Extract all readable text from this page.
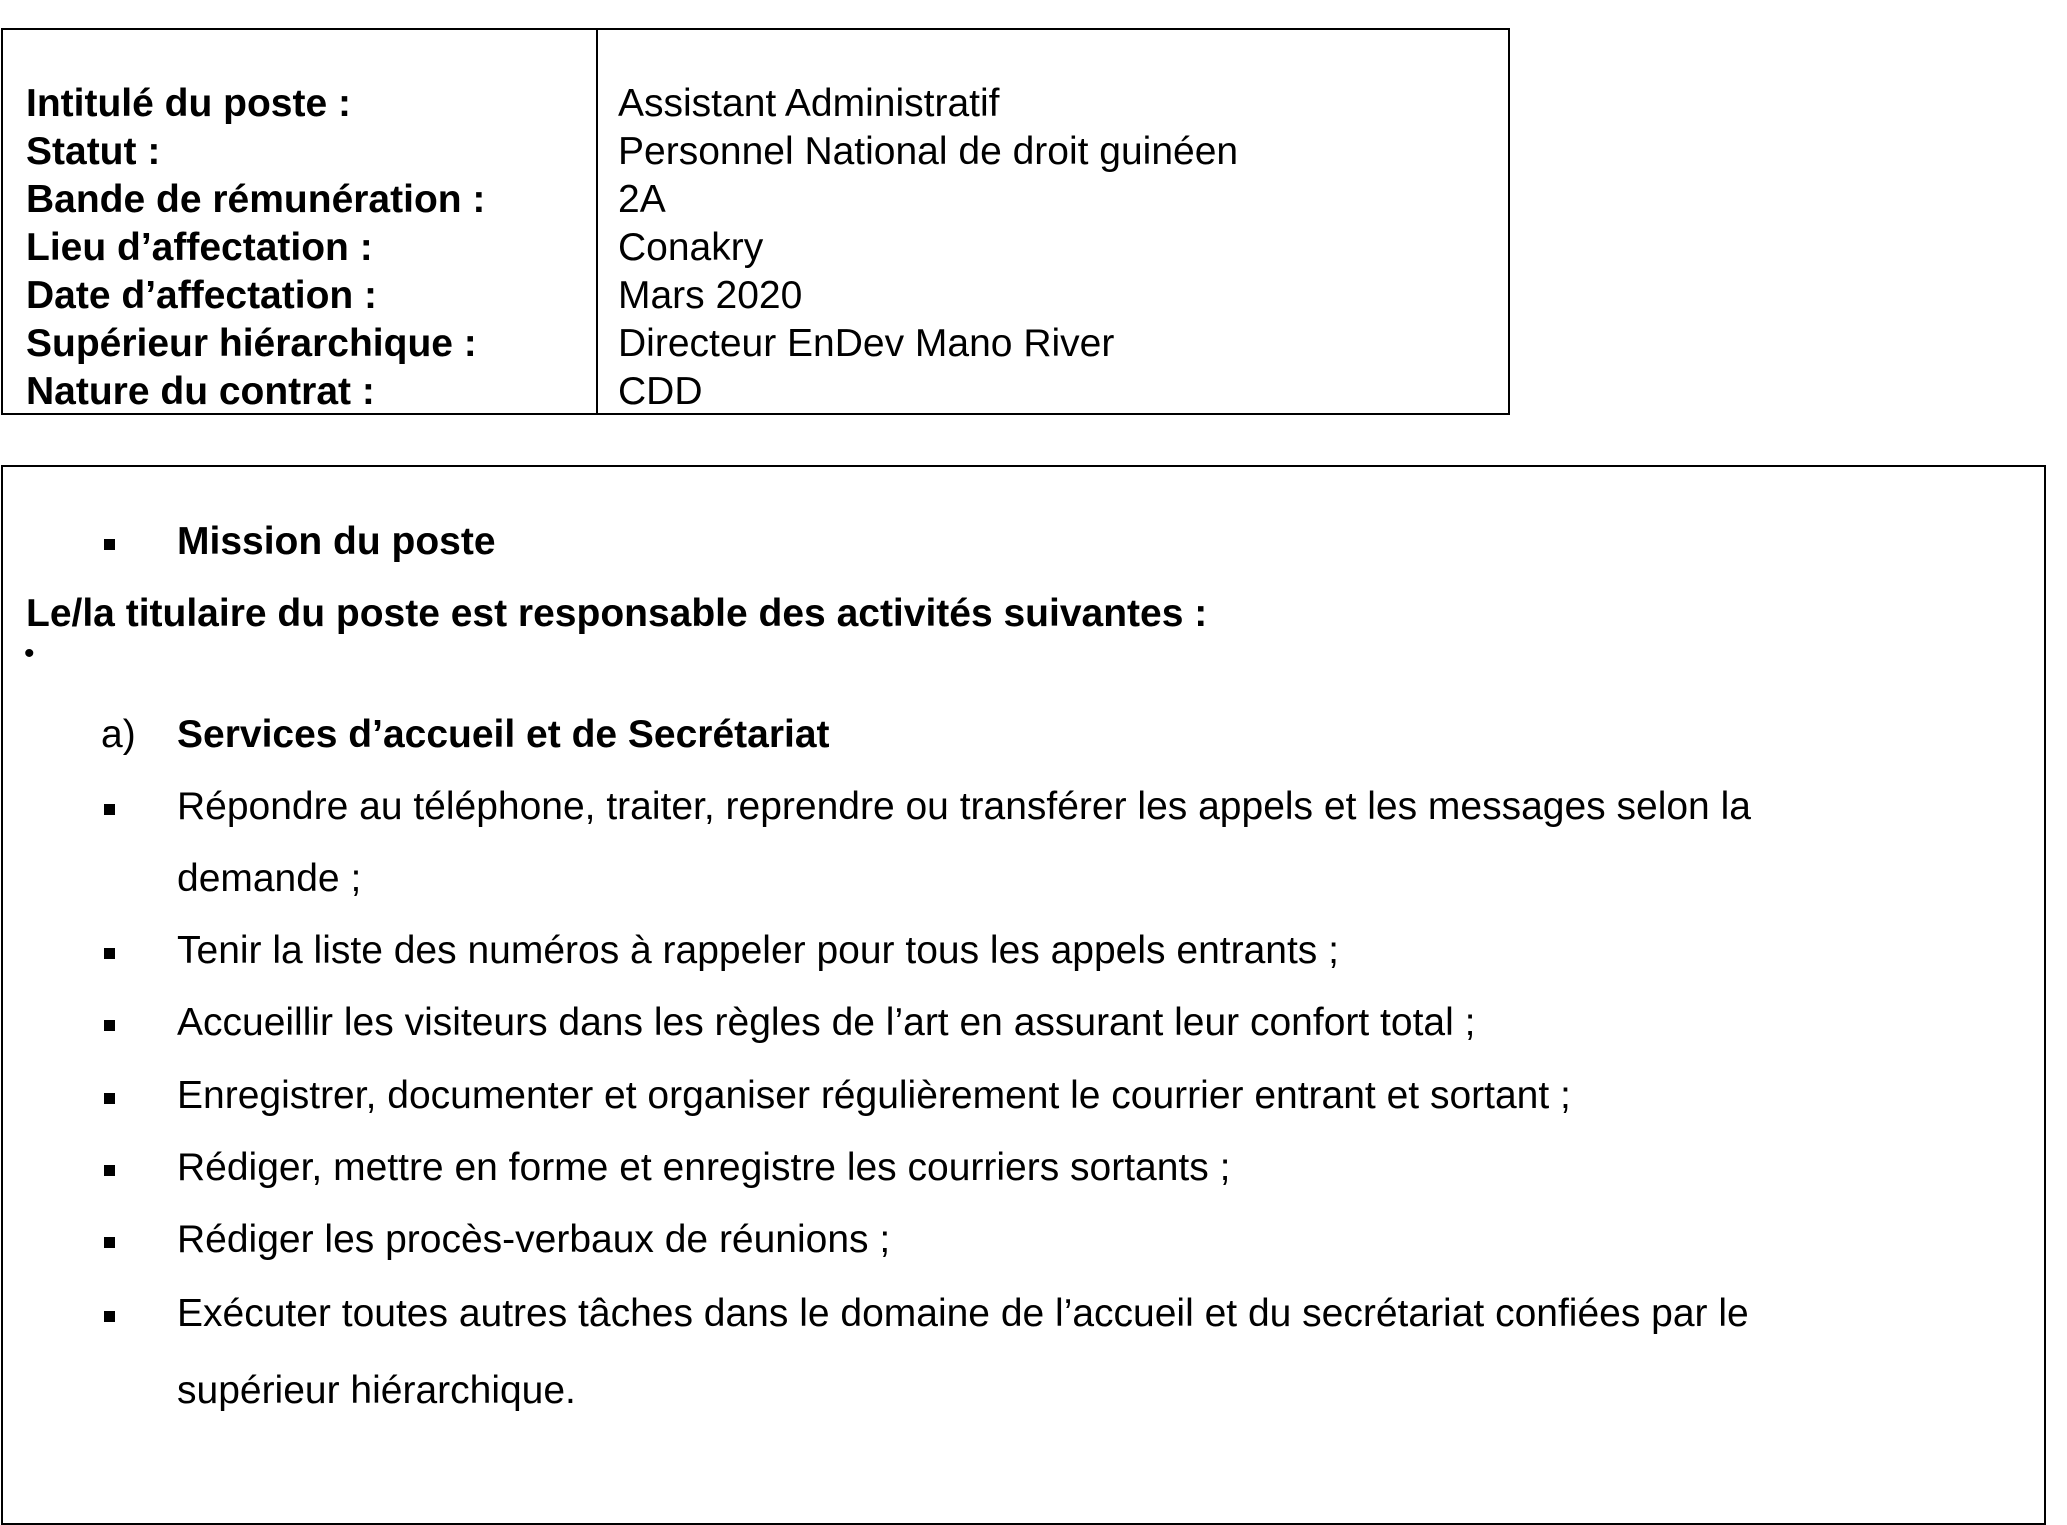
Intitulé du poste :
Statut :
Bande de rémunération :
Lieu d’affectation :
Date d’affectation :
Supérieur hiérarchique :
Nature du contrat :
Assistant Administratif
Personnel National de droit guinéen
2A
Conakry
Mars 2020
Directeur EnDev Mano River
CDD
Mission du poste
Le/la titulaire du poste est responsable des activités suivantes :
•
a) Services d’accueil et de Secrétariat
Répondre au téléphone, traiter, reprendre ou transférer les appels et les messages selon la
demande ;
Tenir la liste des numéros à rappeler pour tous les appels entrants ;
Accueillir les visiteurs dans les règles de l’art en assurant leur confort total ;
Enregistrer, documenter et organiser régulièrement le courrier entrant et sortant ;
Rédiger, mettre en forme et enregistre les courriers sortants ;
Rédiger les procès-verbaux de réunions ;
Exécuter toutes autres tâches dans le domaine de l’accueil et du secrétariat confiées par le
supérieur hiérarchique.
